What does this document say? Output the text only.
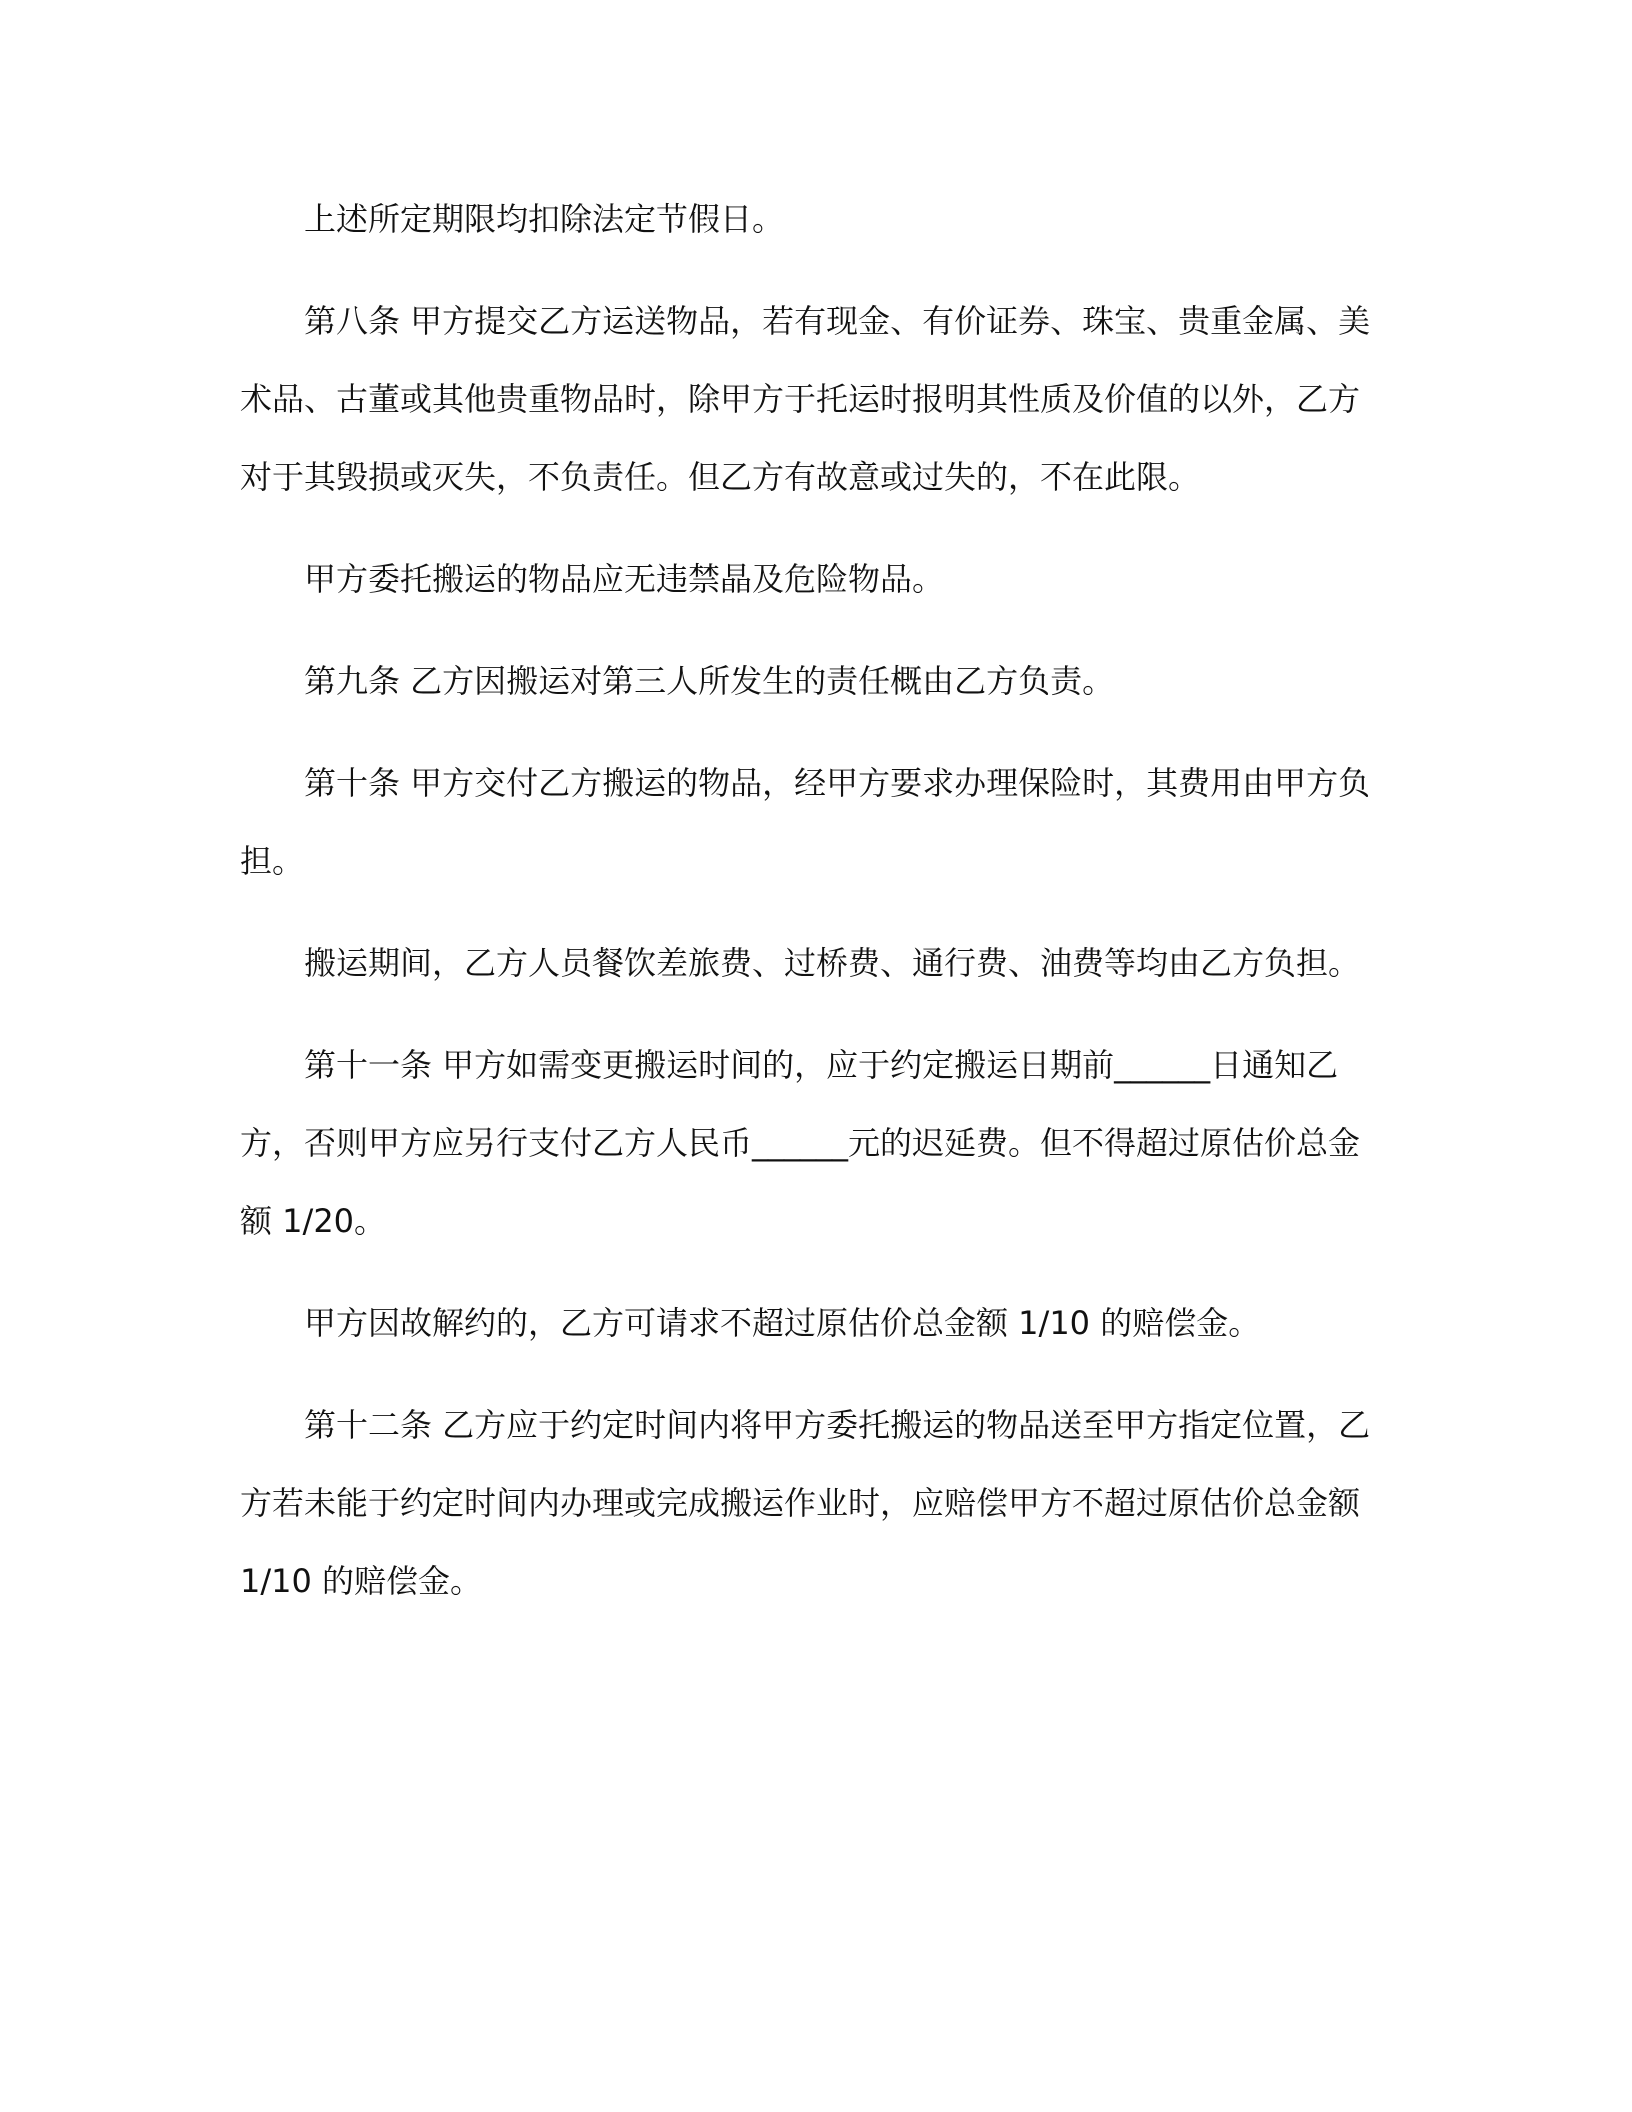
上述所定期限均扣除法定节假日。

第八条 甲方提交乙方运送物品，若有现金、有价证券、珠宝、贵重金属、美术品、古董或其他贵重物品时，除甲方于托运时报明其性质及价值的以外，乙方对于其毁损或灭失，不负责任。但乙方有故意或过失的，不在此限。

甲方委托搬运的物品应无违禁晶及危险物品。

第九条 乙方因搬运对第三人所发生的责任概由乙方负责。

第十条 甲方交付乙方搬运的物品，经甲方要求办理保险时，其费用由甲方负担。

搬运期间，乙方人员餐饮差旅费、过桥费、通行费、油费等均由乙方负担。

第十一条 甲方如需变更搬运时间的，应于约定搬运日期前______日通知乙方，否则甲方应另行支付乙方人民币______元的迟延费。但不得超过原估价总金额 1/20。

甲方因故解约的，乙方可请求不超过原估价总金额 1/10 的赔偿金。

第十二条 乙方应于约定时间内将甲方委托搬运的物品送至甲方指定位置，乙方若未能于约定时间内办理或完成搬运作业时，应赔偿甲方不超过原估价总金额 1/10 的赔偿金。
